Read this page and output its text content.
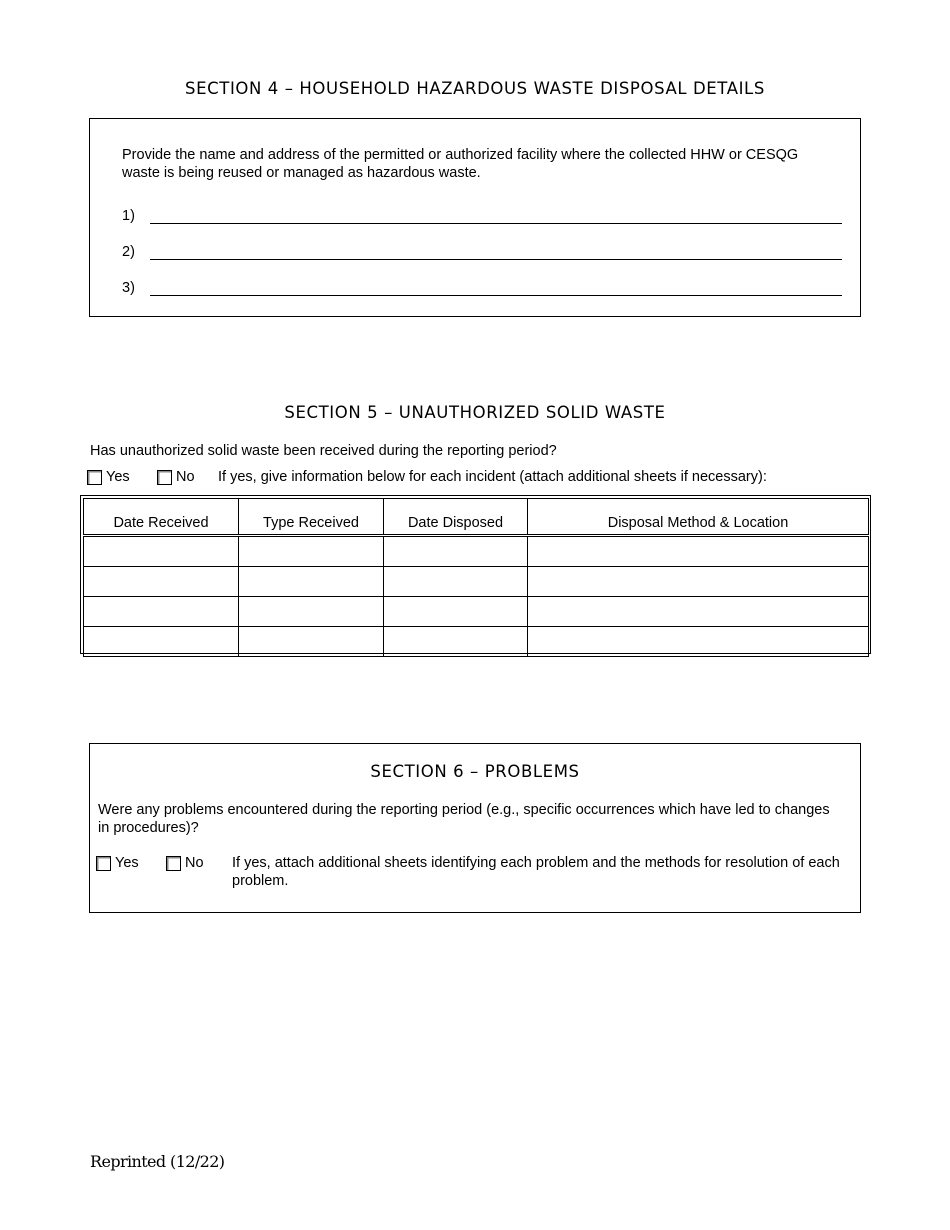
SECTION 4 – HOUSEHOLD HAZARDOUS WASTE DISPOSAL DETAILS

Provide the name and address of the permitted or authorized facility where the collected HHW or CESQG waste is being reused or managed as hazardous waste.

1)
2)
3)
SECTION 5 – UNAUTHORIZED SOLID WASTE

Has unauthorized solid waste been received during the reporting period?

Yes	No If yes, give information below for each incident (attach additional sheets if necessary):
Date Received	Type Received	Date Disposed	Disposal Method & Location

SECTION 6 – PROBLEMS

Were any problems encountered during the reporting period (e.g., specific occurrences which have led to changes in procedures)?

Yes	No If yes, attach additional sheets identifying each problem and the methods for resolution of each problem.

Reprinted (12/22)
